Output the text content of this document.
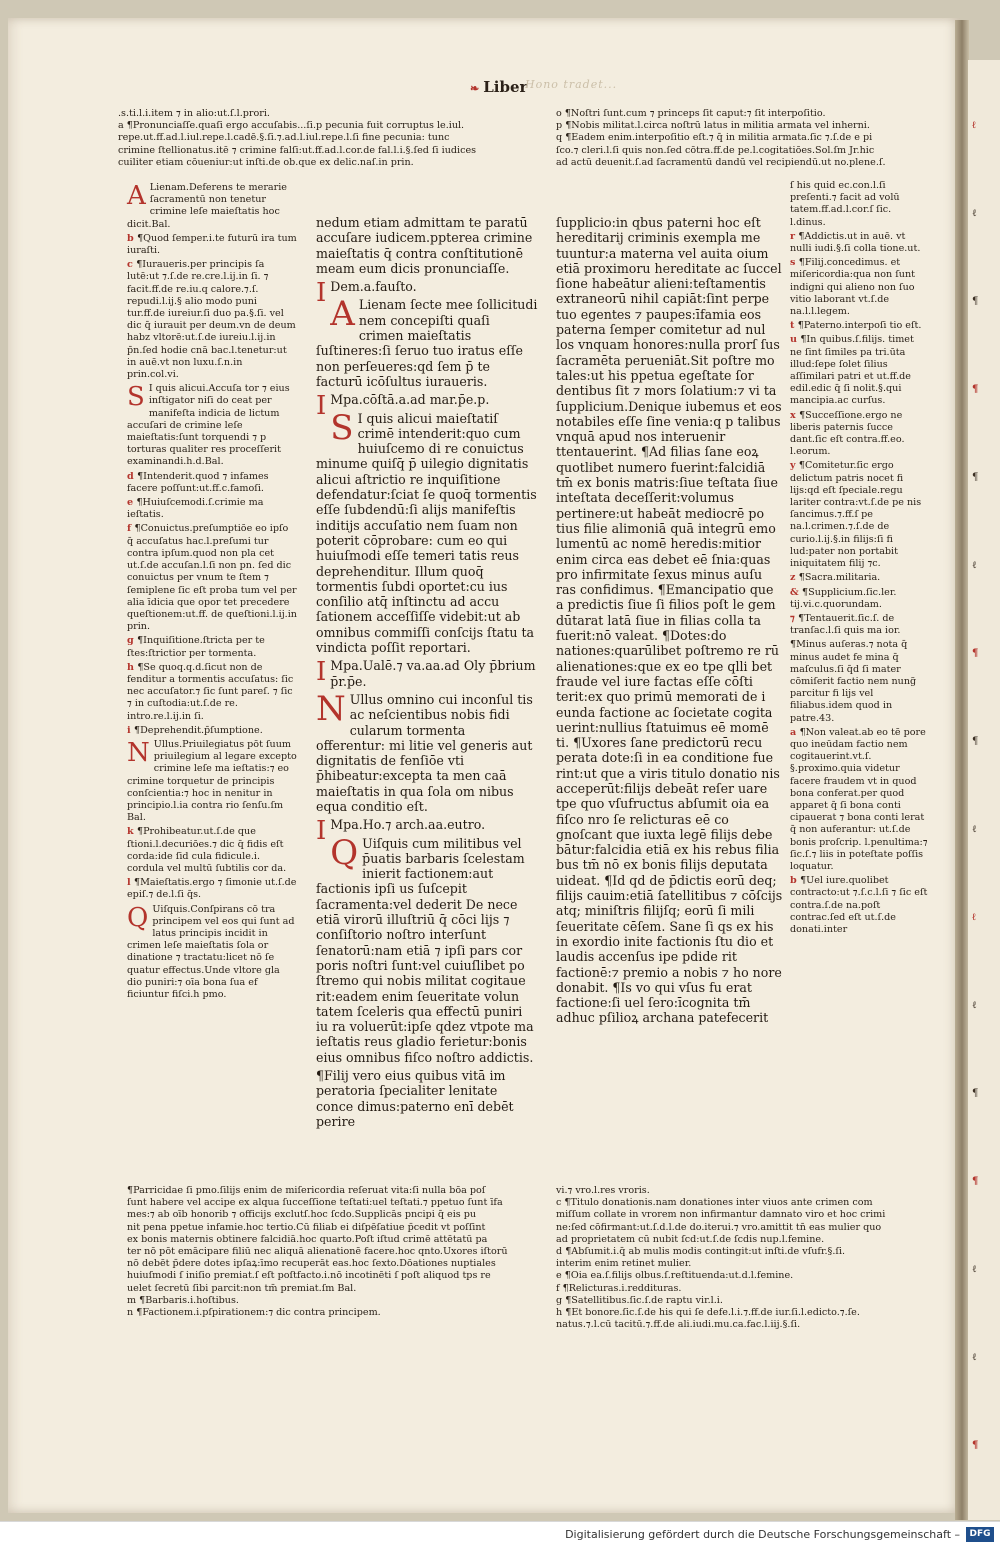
ℓ
ℓ
¶
¶
¶
ℓ
¶
¶
ℓ
ℓ
ℓ
¶
¶
ℓ
ℓ
¶
❧ Liber
Hono tradet...

.s.ti.l.i.item ⁊ in alio:ut.ſ.l.prori.

a ¶Pronunciaſſe.quaſi ergo accuſabis...ſi.p pecunia fuit corruptus le.iul.

repe.ut.ff.ad.l.iul.repe.l.cadē.§.ſi.⁊.ad.l.iul.repe.l.ſi fine pecunia: tunc

crimine ſtellionatus.itē ⁊ crimine falſi:ut.ff.ad.l.cor.de fal.l.i.§.ſed ſi iudices

cuiliter etiam cōueniur:ut inſti.de ob.que ex delic.naſ.in prin.

o ¶Noſtri ſunt.cum ⁊ princeps ſit caput:⁊ ſit interpoſitio.

p ¶Nobis militat.l.circa noſtrū latus in militia armata vel inherni.

q ¶Eadem enim.interpoſitio eſt.⁊ q̄ in militia armata.ſic ⁊.ſ.de e pi

ſco.⁊ cleri.l.ſi quis non.ſed cōtra.ff.de pe.l.cogitatiōes.Sol.ſm Jr.hic

ad actū deuenit.ſ.ad ſacramentū dandū vel recipiendū.ut no.plene.ſ.

A Lienam.Deferens te merarie ſacramentū non tenetur crimine leſe maieſtatis hoc dicit.Bal.

b ¶Quod ſemper.i.te futurū ira tum iuraſti.

c ¶Iuraueris.per principis ſa lutē:ut ⁊.ſ.de re.cre.l.ij.in ſi. ⁊ facit.ff.de re.iu.q calore.⁊.ſ. repudi.l.ij.§ alio modo puni tur.ff.de iureiur.ſi duo pa.§.ſi. vel dic q̄ iurauit per deum.vn de deum habz vltorē:ut.ſ.de iureiu.l.ij.in p̄n.ſed hodie cnā bac.l.tenetur:ut in auē.vt non luxu.ſ.n.in prin.col.vi.

S I quis alicui.Accuſa tor ⁊ eius inſtigator niſi do ceat per manifeſta indicia de lictum accuſari de crimine leſe maieſtatis:ſunt torquendi ⁊ p torturas qualiter res proceſſerit examinandi.h.d.Bal.

d ¶Intenderit.quod ⁊ infames facere poſſunt:ut.ff.c.famoſi.

e ¶Huiuſcemodi.ſ.crimie ma ieſtatis.

f ¶Conuictus.preſumptiōe eo ipſo q̄ accuſatus hac.l.preſumi tur contra ipſum.quod non pla cet ut.ſ.de accuſan.l.ſi non pn. ſed dic conuictus per vnum te ſtem ⁊ ſemiplene ſic eſt proba tum vel per alia īdicia que opor tet precedere queſtionem:ut.ff. de queſtioni.l.ij.in prin.

g ¶Inquiſitione.ſtricta per te ſtes:ſtrictior per tormenta.

h ¶Se quoq.q.d.ſicut non de fenditur a tormentis accuſatus: ſic nec accuſator.⁊ ſic ſunt pareſ. ⁊ ſic ⁊ in cuſtodia:ut.ſ.de re. intro.re.l.ij.in ſi.

i ¶Deprehendit.p̄ſumptione.

N Ullus.Priuilegiatus pōt ſuum priuilegium al legare excepto crimine leſe ma ieſtatis:⁊ eo crimine torquetur de principis conſcientia:⁊ hoc in nenitur in principio.l.ia contra rio ſenſu.ſm Bal.

k ¶Prohibeatur.ut.ſ.de que ſtioni.l.decuriōes.⁊ dic q̄ fidis eſt corda:ide ſid cula fidicule.i. cordula vel multū ſubtilis cor da.

l ¶Maieſtatis.ergo ⁊ ſimonie ut.ſ.de epiſ.⁊ de.l.ſi q̄s.

Q Uiſquis.Conſpirans cō tra principem vel eos qui ſunt ad latus principis incidit in crimen leſe maieſtatis ſola or dinatione ⁊ tractatu:licet nō ſe quatur effectus.Unde vltore gla dio puniri:⁊ oīa bona ſua ef ficiuntur fiſci.h pmo.

nedum etiam admittam te paratū accuſare iudicem.ppterea crimine maieſtatis q̄ contra conſtitutionē meam eum dicis pronunciaſſe.

I Dem.a.fauſto.

A Lienam ſecte mee ſollicitudi nem concepiſti quaſi crimen maieſtatis ſuſtineres:ſi ſeruo tuo iratus eſſe non perſeueres:qd ſem p̄ te facturū icōſultus iuraueris.

I Mpa.cōſtā.a.ad mar.p̄e.p.

S I quis alicui maieſtatiſ crimē intenderit:quo cum huiuſcemo di re conuictus minume quiſq̄ p̄ uilegio dignitatis alicui aſtrictio re inquiſitione defendatur:ſciat ſe quoq̄ tormentis eſſe ſubdendū:ſi alijs manifeſtis inditijs accuſatio nem ſuam non poterit cōprobare: cum eo qui huiuſmodi eſſe temeri tatis reus deprehenditur. Illum quoq̄ tormentis ſubdi oportet:cu ius conſilio atq̄ inſtinctu ad accu ſationem acceſſiſſe videbit:ut ab omnibus commiſſi conſcijs ſtatu ta vindicta poſſit reportari.

I Mpa.Ualē.⁊ va.aa.ad Oly p̄brium p̄r.p̄e.

N Ullus omnino cui inconſul tis ac neſcientibus nobis fidi cularum tormenta offerentur: mi litie vel generis aut dignitatis de fenſiōe vti p̄hibeatur:excepta ta men caā maieſtatis in qua ſola om nibus equa conditio eſt.

I Mpa.Ho.⁊ arch.aa.eutro.

Q Uiſquis cum militibus vel p̄uatis barbaris ſcelestam inierit factionem:aut factionis ipſi us ſuſcepit ſacramenta:vel dederit De nece etiā virorū illuſtriū q̄ cōci lijs ⁊ conſiſtorio noſtro interſunt ſenatorū:nam etiā ⁊ ipſi pars cor poris noſtri ſunt:vel cuiuſlibet po ſtremo qui nobis militat cogitaue rit:eadem enim ſeueritate volun tatem ſceleris qua effectū puniri iu ra voluerūt:ipſe qdez vtpote ma ieſtatis reus gladio ferietur:bonis eius omnibus fiſco noſtro addictis.

¶Filij vero eius quibus vitā im peratoria ſpecialiter lenitate conce dimus:paterno enī debēt perire

ſupplicio:in qbus paterni hoc eſt hereditarij criminis exempla me tuuntur:a materna vel auita oium etiā proximoru hereditate ac ſuccel ſione habeātur alieni:teſtamentis extraneorū nihil capiāt:ſint perpe tuo egentes ⁊ paupes:īfamia eos paterna ſemper comitetur ad nul los vnquam honores:nulla prorſ ſus ſacramēta perueniāt.Sit poſtre mo tales:ut his ppetua egeſtate ſor dentibus ſit ⁊ mors ſolatium:⁊ vi ta ſupplicium.Denique iubemus et eos notabiles eſſe ſine venia:q p talibus vnquā apud nos interuenir ttentauerint. ¶Ad filias ſane eoꝝ quotlibet numero fuerint:falcidiā tm̄ ex bonis matris:ſiue teſtata ſiue inteſtata deceſſerit:volumus pertinere:ut habeāt mediocrē po tius filie alimoniā quā integrū emo lumentū ac nomē heredis:mitior enim circa eas debet eē ſnia:quas pro infirmitate ſexus minus auſu ras confidimus. ¶Emancipatio que a predictis ſiue ſi filios poſt le gem dūtarat latā ſiue in filias colla ta fuerit:nō valeat. ¶Dotes:do nationes:quarūlibet poſtremo re rū alienationes:que ex eo tpe qlli bet fraude vel iure factas eſſe cōſti terit:ex quo primū memorati de i eunda factione ac ſocietate cogita uerint:nullius ſtatuimus eē momē ti. ¶Uxores ſane predictorū recu perata dote:ſi in ea conditione fue rint:ut que a viris titulo donatio nis acceperūt:filijs debeāt reſer uare tpe quo vſufructus abſumit oia ea fiſco nro ſe relicturas eē co gnoſcant que iuxta legē filijs debe bātur:falcidia etiā ex his rebus filia bus tm̄ nō ex bonis filijs deputata uideat. ¶Id qd de p̄dictis eorū deq; filijs cauim:etiā ſatellitibus ⁊ cōſcijs atq; miniſtris filijſq; eorū ſi mili ſeueritate cēſem. Sane ſi qs ex his in exordio inite factionis ſtu dio et laudis accenſus ipe pdide rit factionē:⁊ premio a nobis ⁊ ho nore donabit. ¶Is vo qui vſus fu erat factione:ſi uel ſero:īcognita tm̄ adhuc pſilioꝝ archana patefecerit

ſ his quid ec.con.l.ſi preſenti.⁊ facit ad volū tatem.ff.ad.l.cor.ſ ſic. l.dinus.

r ¶Addictis.ut in auē. vt nulli iudi.§.ſi colla tione.ut.

s ¶Filij.concedimus. et miſericordia:qua non ſunt indigni qui alieno non ſuo vitio laborant vt.ſ.de na.l.l.legem.

t ¶Paterno.interpoſi tio eſt.

u ¶In quibus.ſ.filijs. timet ne ſint ſimiles pa tri.ūta illud:ſepe ſolet ſilius aſſimilari patri et ut.ff.de edil.edic q̄ ſi nolit.§.qui mancipia.ac curſus.

x ¶Succeſſione.ergo ne liberis paternis ſucce dant.ſic eſt contra.ff.eo. l.eorum.

y ¶Comitetur.ſic ergo delictum patris nocet fi lijs:qd eſt ſpeciale.regu lariter contra:vt.ſ.de pe nis ſancimus.⁊.ff.ſ pe na.l.crimen.⁊.ſ.de de curio.l.ij.§.in filijs:ſi fi lud:pater non portabit iniquitatem filij ⁊c.

z ¶Sacra.militaria.

& ¶Supplicium.ſic.ler. tij.vi.c.quorundam.

⁊ ¶Tentauerit.ſic.ſ. de tranſac.l.ſi quis ma ior.

¶Minus auſeras.⁊ nota q̄ minus audet fe mina q̄ maſculus.ſi q̄d ſi mater cōmiſerit factio nem nung̃ parcitur fi lijs vel filiabus.idem quod in patre.43.

a ¶Non valeat.ab eo tē pore quo ineūdam factio nem cogitauerint.vt.ſ. §.proximo.quia videtur facere fraudem vt in quod bona conferat.per quod apparet q̄ ſi bona conti cipauerat ⁊ bona conti lerat q̄ non auferantur: ut.ſ.de bonis proſcrip. l.penultima:⁊ ſic.ſ.⁊ liis in poteſtate poſſis loquatur.

b ¶Uel iure.quolibet contracto:ut ⁊.ſ.c.l.ſi ⁊ ſic eſt contra.ſ.de na.poſt contrac.ſed eſt ut.ſ.de donati.inter

¶Parricidae ſi pmo.ſilijs enim de miſericordia reſeruat vita:ſi nulla bōa poſ

ſunt habere vel accipe ex alqua ſucceſſione teſtati:uel teſtati.⁊ ppetuo ſunt īfa

mes:⁊ ab oīb honorib ⁊ officijs exclutſ.hoc ſcdo.Supplicās pncipi q̄ eis pu

nit pena ppetue infamie.hoc tertio.Cū filiab ei diſpēſatiue p̄cedit vt poſſint

ex bonis maternis obtinere falcidiā.hoc quarto.Poſt iſtud crimē attētatū pa

ter nō pōt emācipare filiū nec aliquā alienationē facere.hoc qnto.Uxores iſtorū

nō debēt p̄dere dotes ipſaꝝ:īmo recuperāt eas.hoc ſexto.Dōationes nuptiales

huiuſmodi ſ iniſio premiat.ſ eſt poſtfacto.i.nō incotinēti ſ poſt aliquod tps re

uelet ſecretū ſibi parcit:non tm̄ premiat.ſm Bal.

m ¶Barbaris.i.hoſtibus.

n ¶Factionem.i.pſpirationem:⁊ dic contra principem.

vi.⁊ vro.l.res vroris.

c ¶Titulo donationis.nam donationes inter viuos ante crimen com

miſſum collate in vrorem non infirmantur damnato viro et hoc crimi

ne:ſed cōfirmant:ut.ſ.d.l.de do.iterui.⁊ vro.amittit tn̄ eas mulier quo

ad proprietatem cū nubit ſcd:ut.ſ.de ſcdis nup.l.femine.

d ¶Abſumit.i.q̄ ab mulis modis contingit:ut inſti.de vſufr.§.ſi.

interim enim retinet mulier.

e ¶Oia ea.ſ.filijs olbus.ſ.reſtituenda:ut.d.l.femine.

f ¶Relicturas.i.reddituras.

g ¶Satellitibus.ſic.ſ.de raptu vir.l.i.

h ¶Et bonore.ſic.ſ.de his qui ſe defe.l.i.⁊.ff.de iur.ſi.l.edicto.⁊.ſe.

natus.⁊.l.cū tacitū.⁊.ff.de ali.iudi.mu.ca.fac.l.iij.§.ſi.

Digitalisierung gefördert durch die Deutsche Forschungsgemeinschaft –	DFG
